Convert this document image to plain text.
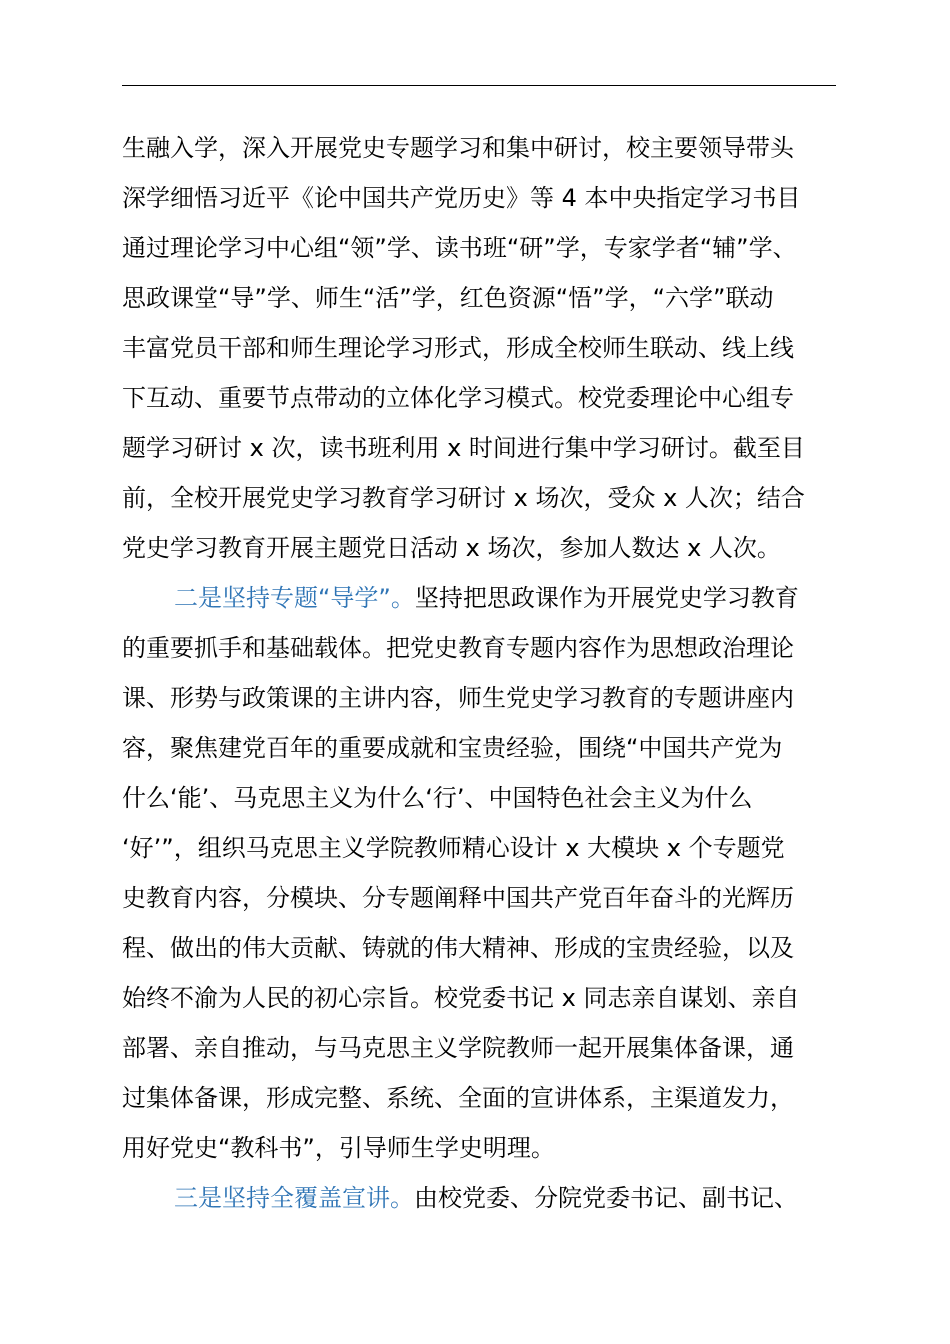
生融入学，深入开展党史专题学习和集中研讨，校主要领导带头
深学细悟习近平《论中国共产党历史》等 4 本中央指定学习书目
通过理论学习中心组“领”学、读书班“研”学，专家学者“辅”学、
思政课堂“导”学、师生“活”学，红色资源“悟”学，“六学”联动
丰富党员干部和师生理论学习形式，形成全校师生联动、线上线
下互动、重要节点带动的立体化学习模式。校党委理论中心组专
题学习研讨 x 次，读书班利用 x 时间进行集中学习研讨。截至目
前，全校开展党史学习教育学习研讨 x 场次，受众 x 人次；结合
党史学习教育开展主题党日活动 x 场次，参加人数达 x 人次。
二是坚持专题“导学”。坚持把思政课作为开展党史学习教育
的重要抓手和基础载体。把党史教育专题内容作为思想政治理论
课、形势与政策课的主讲内容，师生党史学习教育的专题讲座内
容，聚焦建党百年的重要成就和宝贵经验，围绕“中国共产党为
什么‘能’、马克思主义为什么‘行’、中国特色社会主义为什么
‘好’”，组织马克思主义学院教师精心设计 x 大模块 x 个专题党
史教育内容，分模块、分专题阐释中国共产党百年奋斗的光辉历
程、做出的伟大贡献、铸就的伟大精神、形成的宝贵经验，以及
始终不渝为人民的初心宗旨。校党委书记 x 同志亲自谋划、亲自
部署、亲自推动，与马克思主义学院教师一起开展集体备课，通
过集体备课，形成完整、系统、全面的宣讲体系，主渠道发力，
用好党史“教科书”，引导师生学史明理。
三是坚持全覆盖宣讲。由校党委、分院党委书记、副书记、
